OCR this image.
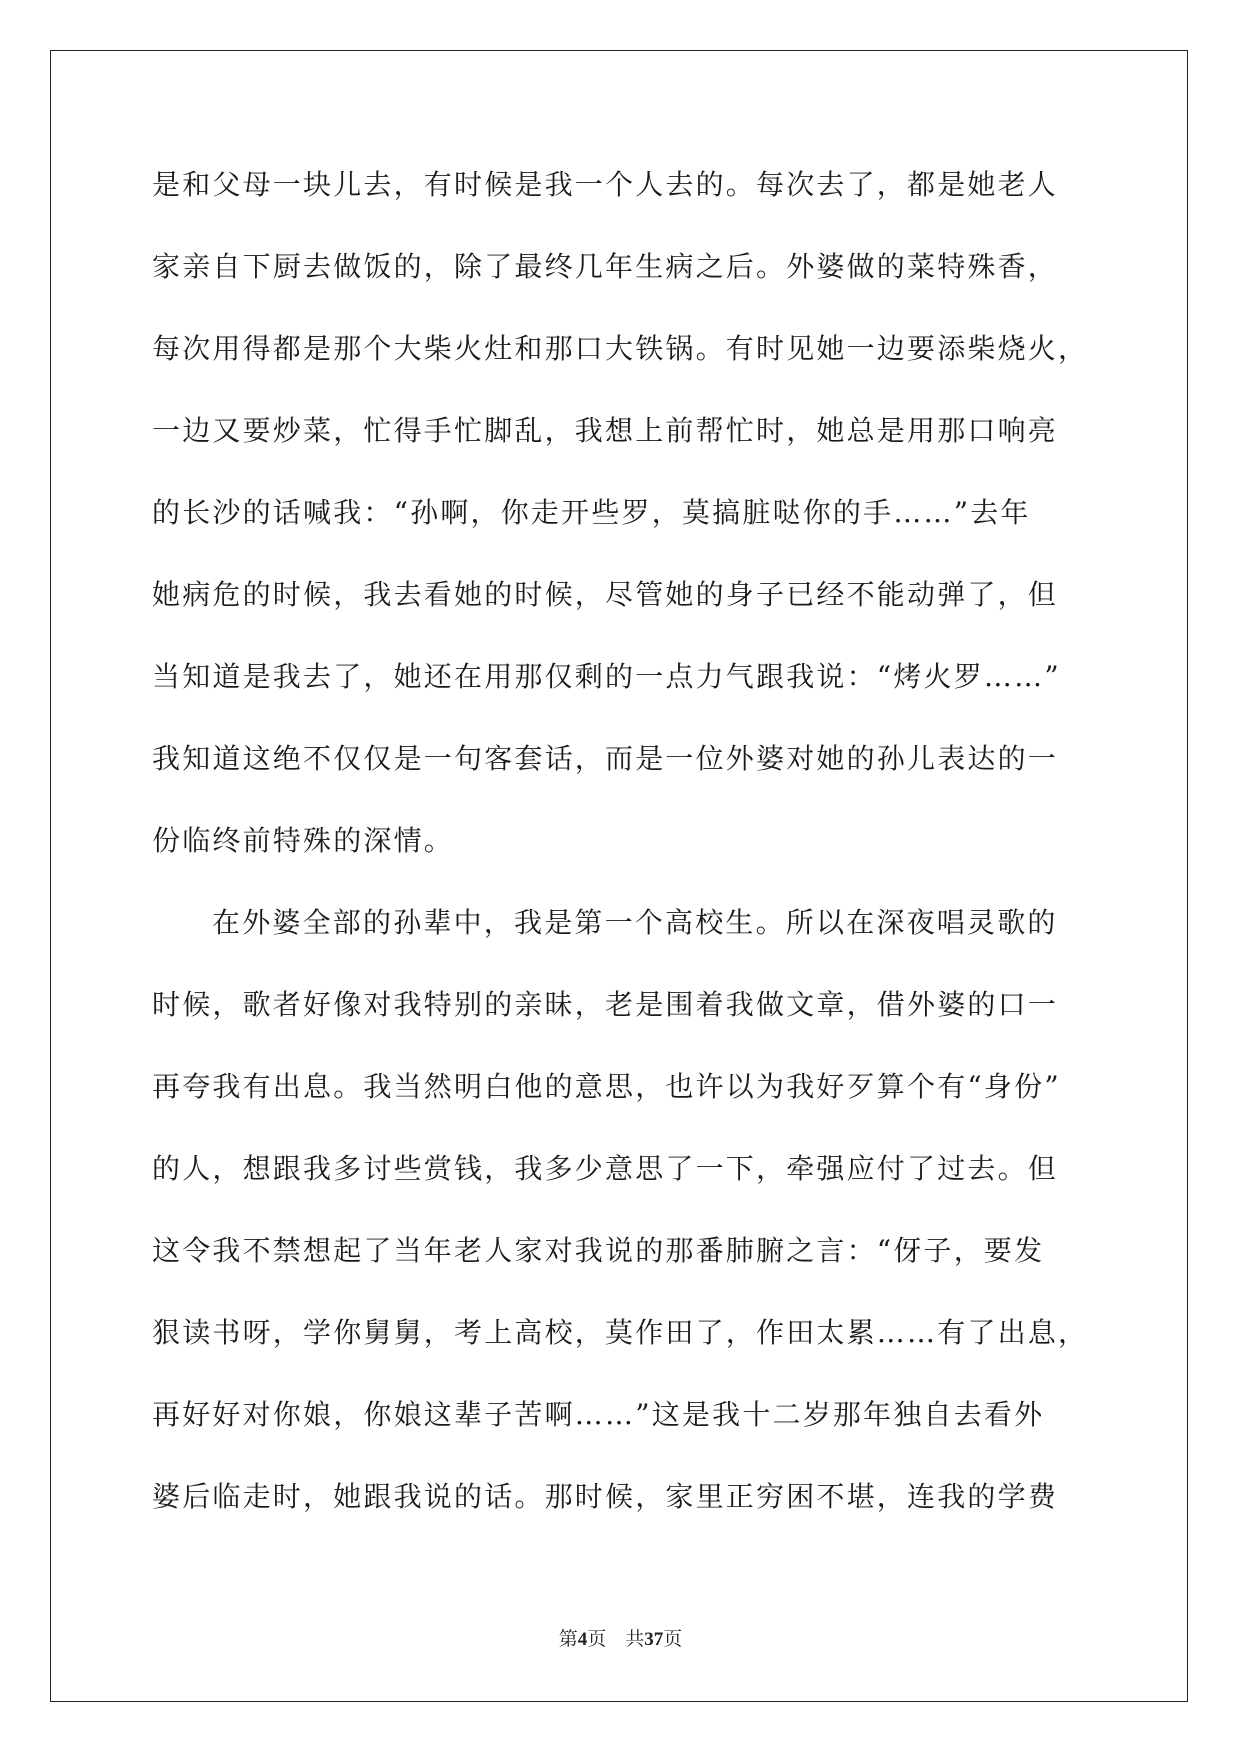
是和父母一块儿去，有时候是我一个人去的。每次去了，都是她老人
家亲自下厨去做饭的，除了最终几年生病之后。外婆做的菜特殊香，
每次用得都是那个大柴火灶和那口大铁锅。有时见她一边要添柴烧火，
一边又要炒菜，忙得手忙脚乱，我想上前帮忙时，她总是用那口响亮
的长沙的话喊我：“孙啊，你走开些罗，莫搞脏哒你的手……”去年
她病危的时候，我去看她的时候，尽管她的身子已经不能动弹了，但
当知道是我去了，她还在用那仅剩的一点力气跟我说：“烤火罗……”
我知道这绝不仅仅是一句客套话，而是一位外婆对她的孙儿表达的一
份临终前特殊的深情。
在外婆全部的孙辈中，我是第一个高校生。所以在深夜唱灵歌的
时候，歌者好像对我特别的亲昧，老是围着我做文章，借外婆的口一
再夸我有出息。我当然明白他的意思，也许以为我好歹算个有“身份”
的人，想跟我多讨些赏钱，我多少意思了一下，牵强应付了过去。但
这令我不禁想起了当年老人家对我说的那番肺腑之言：“伢子，要发
狠读书呀，学你舅舅，考上高校，莫作田了，作田太累……有了出息，
再好好对你娘，你娘这辈子苦啊……”这是我十二岁那年独自去看外
婆后临走时，她跟我说的话。那时候，家里正穷困不堪，连我的学费
第4页 共37页
